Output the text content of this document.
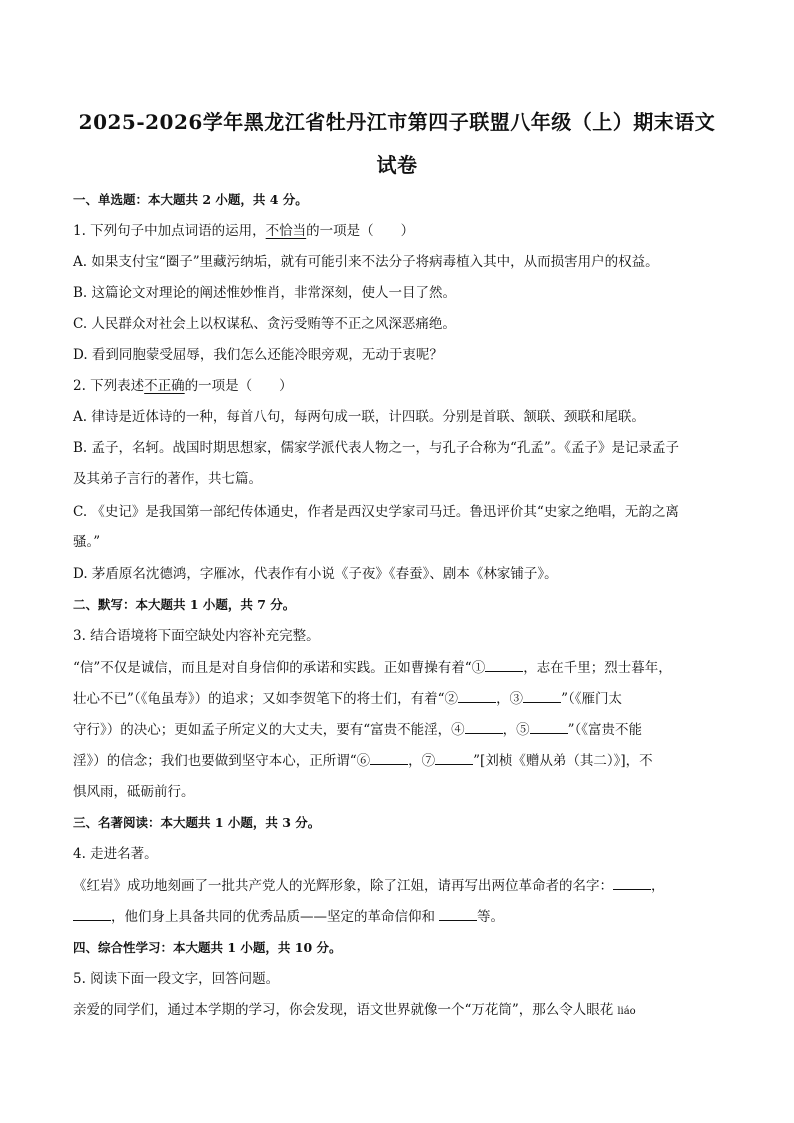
2025-2026学年黑龙江省牡丹江市第四子联盟八年级（上）期末语文
试卷
一、单选题：本大题共 2 小题，共 4 分。
1. 下列句子中加点词语的运用，不恰当的一项是（　　）
A. 如果支付宝“圈子”里藏污纳垢，就有可能引来不法分子将病毒植入其中，从而损害用户的权益。
B. 这篇论文对理论的阐述惟妙惟肖，非常深刻，使人一目了然。
C. 人民群众对社会上以权谋私、贪污受贿等不正之风深恶痛绝。
D. 看到同胞蒙受屈辱，我们怎么还能冷眼旁观，无动于衷呢？
2. 下列表述不正确的一项是（　　）
A. 律诗是近体诗的一种，每首八句，每两句成一联，计四联。分别是首联、颔联、颈联和尾联。
B. 孟子，名轲。战国时期思想家，儒家学派代表人物之一，与孔子合称为“孔孟”。《孟子》是记录孟子
及其弟子言行的著作，共七篇。
C. 《史记》是我国第一部纪传体通史，作者是西汉史学家司马迁。鲁迅评价其“史家之绝唱，无韵之离
骚。”
D. 茅盾原名沈德鸿，字雁冰，代表作有小说《子夜》《春蚕》、剧本《林家铺子》。
二、默写：本大题共 1 小题，共 7 分。
3. 结合语境将下面空缺处内容补充完整。
“信”不仅是诚信，而且是对自身信仰的承诺和实践。正如曹操有着“①	，志在千里；烈士暮年，
壮心不已”（《龟虽寿》）的追求；又如李贺笔下的将士们，有着“②	，③	”（《雁门太
守行》）的决心；更如孟子所定义的大丈夫，要有“富贵不能淫，④	，⑤	”（《富贵不能
淫》）的信念；我们也要做到坚守本心，正所谓“⑥	，⑦	”[刘桢《赠从弟（其二）》]，不
惧风雨，砥砺前行。
三、名著阅读：本大题共 1 小题，共 3 分。
4. 走进名著。
《红岩》成功地刻画了一批共产党人的光辉形象，除了江姐，请再写出两位革命者的名字：	，
，他们身上具备共同的优秀品质——坚定的革命信仰和	等。
四、综合性学习：本大题共 1 小题，共 10 分。
5. 阅读下面一段文字，回答问题。
亲爱的同学们，通过本学期的学习，你会发现，语文世界就像一个“万花筒”，那么令人眼花 liáo
